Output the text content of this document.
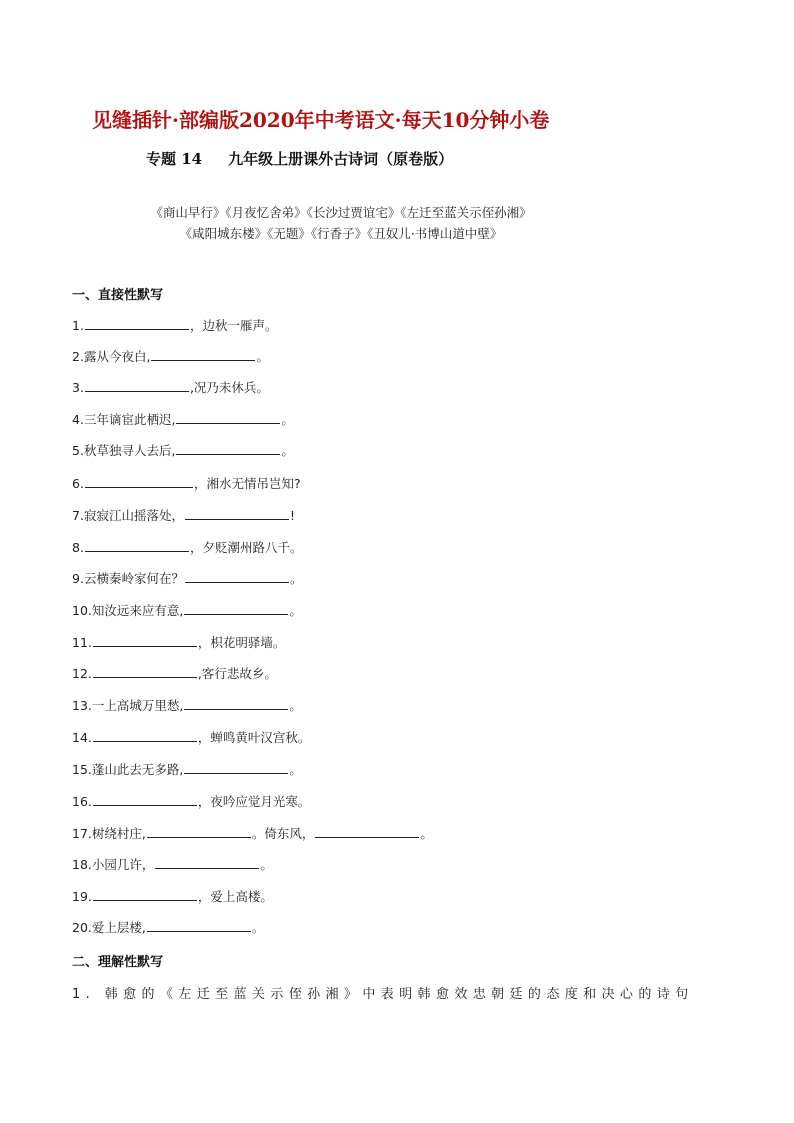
见缝插针·部编版2020年中考语文·每天10分钟小卷
专题 14 九年级上册课外古诗词（原卷版）
《商山早行》《月夜忆舍弟》《长沙过贾谊宅》《左迁至蓝关示侄孙湘》
《咸阳城东楼》《无题》《行香子》《丑奴儿·书博山道中壁》
一、直接性默写
1.	，边秋一雁声。
2.露从今夜白,	。
3.	,况乃未休兵。
4.三年谪宦此栖迟,	。
5.秋草独寻人去后,	。
6.	，湘水无情吊岂知?
7.寂寂江山摇落处，	!
8.	，夕贬潮州路八千。
9.云横秦岭家何在？	。
10.知汝远来应有意,	。
11.	，枳花明驿墙。
12.	,客行悲故乡。
13.一上高城万里愁,	。
14.	，蝉鸣黄叶汉宫秋。
15.蓬山此去无多路,	。
16.	，夜吟应觉月光寒。
17.树绕村庄,	。倚东风，	。
18.小园几许，	。
19.	，爱上高楼。
20.爱上层楼,	。
二、理解性默写
1. 韩愈的《左迁至蓝关示侄孙湘》中表明韩愈效忠朝廷的态度和决心的诗句
